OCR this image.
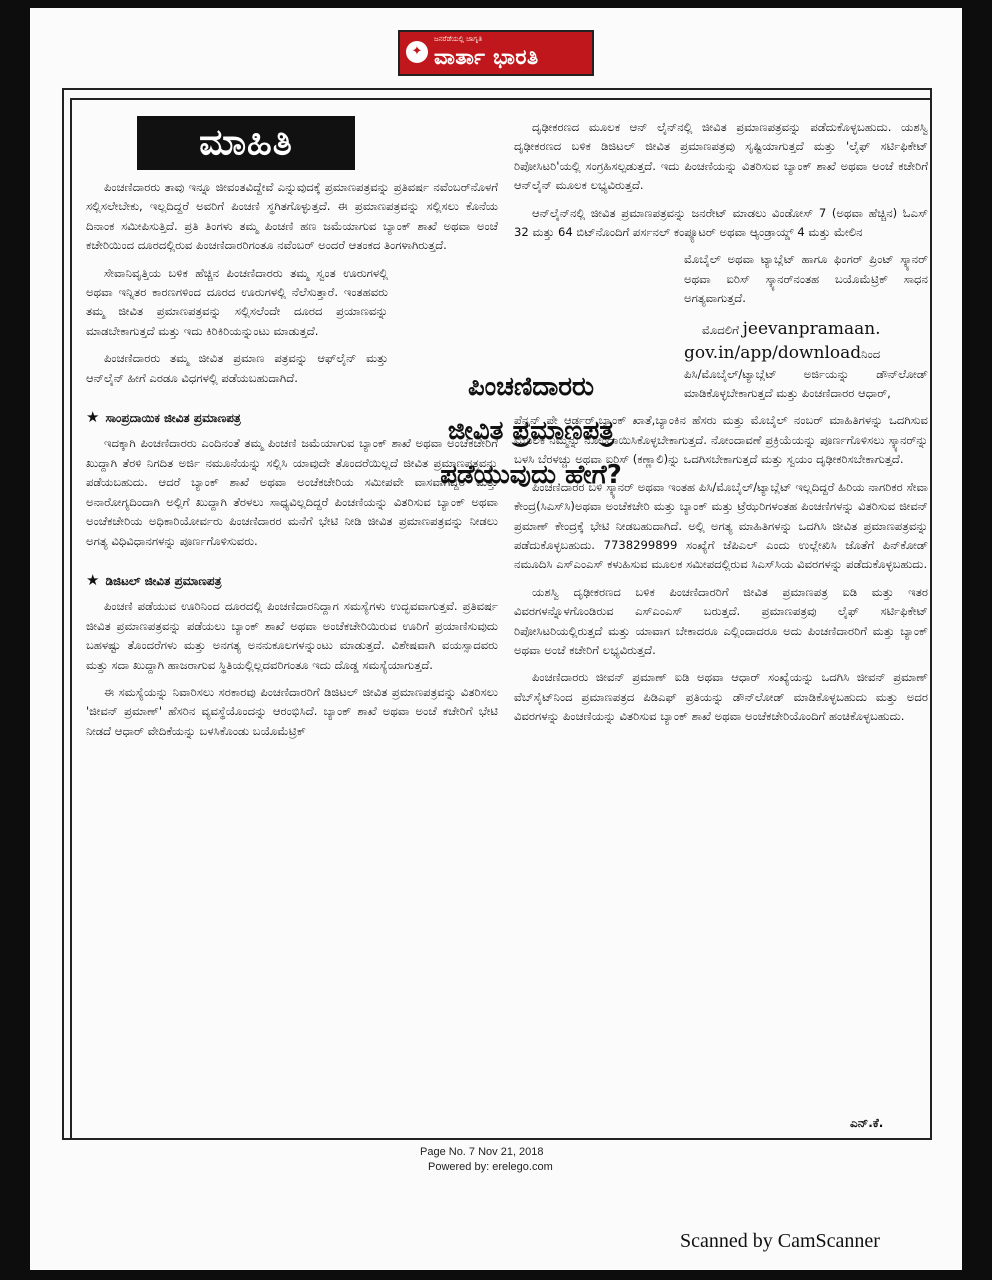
✦
ಜನರೆಡೆಯಲ್ಲಿ ಜಾಗೃತಿ
ವಾರ್ತಾ ಭಾರತಿ
ಮಾಹಿತಿ

ಪಿಂಚಣಿದಾರರು ತಾವು ಇನ್ನೂ ಜೀವಂತವಿದ್ದೇವೆ ಎನ್ನುವುದಕ್ಕೆ ಪ್ರಮಾಣಪತ್ರವನ್ನು ಪ್ರತಿವರ್ಷ ನವೆಂಬರ್‌ನೊಳಗೆ ಸಲ್ಲಿಸಲೇಬೇಕು, ಇಲ್ಲದಿದ್ದರೆ ಅವರಿಗೆ ಪಿಂಚಣಿ ಸ್ಥಗಿತಗೊಳ್ಳುತ್ತದೆ. ಈ ಪ್ರಮಾಣಪತ್ರವನ್ನು ಸಲ್ಲಿಸಲು ಕೊನೆಯ ದಿನಾಂಕ ಸಮೀಪಿಸುತ್ತಿದೆ. ಪ್ರತಿ ತಿಂಗಳು ತಮ್ಮ ಪಿಂಚಣಿ ಹಣ ಜಮೆಯಾಗುವ ಬ್ಯಾಂಕ್ ಶಾಖೆ ಅಥವಾ ಅಂಚೆ ಕಚೇರಿಯಿಂದ ದೂರದಲ್ಲಿರುವ ಪಿಂಚಣಿದಾರರಿಗಂತೂ ನವೆಂಬರ್ ಅಂದರೆ ಆತಂಕದ ತಿಂಗಳಾಗಿರುತ್ತದೆ.

ಸೇವಾನಿವೃತ್ತಿಯ ಬಳಿಕ ಹೆಚ್ಚಿನ ಪಿಂಚಣಿದಾರರು ತಮ್ಮ ಸ್ವಂತ ಊರುಗಳಲ್ಲಿ ಅಥವಾ ಇನ್ನಿತರ ಕಾರಣಗಳಿಂದ ದೂರದ ಊರುಗಳಲ್ಲಿ ನೆಲೆಸುತ್ತಾರೆ. ಇಂತಹವರು ತಮ್ಮ ಜೀವಿತ ಪ್ರಮಾಣಪತ್ರವನ್ನು ಸಲ್ಲಿಸಲೆಂದೇ ದೂರದ ಪ್ರಯಾಣವನ್ನು ಮಾಡಬೇಕಾಗುತ್ತದೆ ಮತ್ತು ಇದು ಕಿರಿಕಿರಿಯನ್ನುಂಟು ಮಾಡುತ್ತದೆ.

ಪಿಂಚಣಿದಾರರು ತಮ್ಮ ಜೀವಿತ ಪ್ರಮಾಣ ಪತ್ರವನ್ನು ಆಫ್‌ಲೈನ್ ಮತ್ತು ಆನ್‌ಲೈನ್ ಹೀಗೆ ಎರಡೂ ವಿಧಗಳಲ್ಲಿ ಪಡೆಯಬಹುದಾಗಿದೆ.

★ ಸಾಂಪ್ರದಾಯಿಕ ಜೀವಿತ ಪ್ರಮಾಣಪತ್ರ

ಇದಕ್ಕಾಗಿ ಪಿಂಚಣಿದಾರರು ಎಂದಿನಂತೆ ತಮ್ಮ ಪಿಂಚಣಿ ಜಮೆಯಾಗುವ ಬ್ಯಾಂಕ್ ಶಾಖೆ ಅಥವಾ ಅಂಚೆಕಚೇರಿಗೆ ಖುದ್ದಾಗಿ ತೆರಳಿ ನಿಗದಿತ ಅರ್ಜಿ ನಮೂನೆಯನ್ನು ಸಲ್ಲಿಸಿ ಯಾವುದೇ ತೊಂದರೆಯಿಲ್ಲದೆ ಜೀವಿತ ಪ್ರಮಾಣಪತ್ರವನ್ನು ಪಡೆಯಬಹುದು. ಆದರೆ ಬ್ಯಾಂಕ್ ಶಾಖೆ ಅಥವಾ ಅಂಚೆಕಚೇರಿಯ ಸಮೀಪವೇ ವಾಸವಾಗಿದ್ದರೆ ಮತ್ತು ಅನಾರೋಗ್ಯದಿಂದಾಗಿ ಅಲ್ಲಿಗೆ ಖುದ್ದಾಗಿ ತೆರಳಲು ಸಾಧ್ಯವಿಲ್ಲದಿದ್ದರೆ ಪಿಂಚಣಿಯನ್ನು ವಿತರಿಸುವ ಬ್ಯಾಂಕ್ ಅಥವಾ ಅಂಚೆಕಚೇರಿಯ ಅಧಿಕಾರಿಯೋರ್ವರು ಪಿಂಚಣಿದಾರರ ಮನೆಗೆ ಭೇಟಿ ನೀಡಿ ಜೀವಿತ ಪ್ರಮಾಣಪತ್ರವನ್ನು ನೀಡಲು ಅಗತ್ಯ ವಿಧಿವಿಧಾನಗಳನ್ನು ಪೂರ್ಣಗೊಳಿಸುವರು.

★ ಡಿಜಿಟಲ್ ಜೀವಿತ ಪ್ರಮಾಣಪತ್ರ

ಪಿಂಚಣಿ ಪಡೆಯುವ ಊರಿನಿಂದ ದೂರದಲ್ಲಿ ಪಿಂಚಣಿದಾರನಿದ್ದಾಗ ಸಮಸ್ಯೆಗಳು ಉದ್ಭವವಾಗುತ್ತವೆ. ಪ್ರತಿವರ್ಷ ಜೀವಿತ ಪ್ರಮಾಣಪತ್ರವನ್ನು ಪಡೆಯಲು ಬ್ಯಾಂಕ್ ಶಾಖೆ ಅಥವಾ ಅಂಚೆಕಚೇರಿಯಿರುವ ಊರಿಗೆ ಪ್ರಯಾಣಿಸುವುದು ಬಹಳಷ್ಟು ತೊಂದರೆಗಳು ಮತ್ತು ಅನಗತ್ಯ ಅನನುಕೂಲಗಳನ್ನುಂಟು ಮಾಡುತ್ತದೆ. ವಿಶೇಷವಾಗಿ ವಯಸ್ಸಾದವರು ಮತ್ತು ಸದಾ ಖುದ್ದಾಗಿ ಹಾಜರಾಗುವ ಸ್ಥಿತಿಯಲ್ಲಿಲ್ಲದವರಿಗಂತೂ ಇದು ದೊಡ್ಡ ಸಮಸ್ಯೆಯಾಗುತ್ತದೆ.

ಈ ಸಮಸ್ಯೆಯನ್ನು ನಿವಾರಿಸಲು ಸರಕಾರವು ಪಿಂಚಣಿದಾರರಿಗೆ ಡಿಜಿಟಲ್ ಜೀವಿತ ಪ್ರಮಾಣಪತ್ರವನ್ನು ವಿತರಿಸಲು 'ಜೀವನ್ ಪ್ರಮಾಣ್' ಹೆಸರಿನ ವ್ಯವಸ್ಥೆಯೊಂದನ್ನು ಆರಂಭಿಸಿದೆ. ಬ್ಯಾಂಕ್ ಶಾಖೆ ಅಥವಾ ಅಂಚೆ ಕಚೇರಿಗೆ ಭೇಟಿ ನೀಡದೆ ಆಧಾರ್ ವೇದಿಕೆಯನ್ನು ಬಳಸಿಕೊಂಡು ಬಯೊಮೆಟ್ರಿಕ್

ಪಿಂಚಣಿದಾರರು
ಜೀವಿತ ಪ್ರಮಾಣಪತ್ರ
ಪಡೆಯುವುದು ಹೇಗೆ?

ದೃಢೀಕರಣದ ಮೂಲಕ ಆನ್ ಲೈನ್‌ನಲ್ಲಿ ಜೀವಿತ ಪ್ರಮಾಣಪತ್ರವನ್ನು ಪಡೆದುಕೊಳ್ಳಬಹುದು. ಯಶಸ್ವಿ ದೃಢೀಕರಣದ ಬಳಿಕ ಡಿಜಿಟಲ್ ಜೀವಿತ ಪ್ರಮಾಣಪತ್ರವು ಸೃಷ್ಟಿಯಾಗುತ್ತದೆ ಮತ್ತು 'ಲೈಫ್ ಸರ್ಟಿಫಿಕೇಟ್ ರಿಪೋಸಿಟರಿ'ಯಲ್ಲಿ ಸಂಗ್ರಹಿಸಲ್ಪಡುತ್ತದೆ. ಇದು ಪಿಂಚಣಿಯನ್ನು ವಿತರಿಸುವ ಬ್ಯಾಂಕ್ ಶಾಖೆ ಅಥವಾ ಅಂಚೆ ಕಚೇರಿಗೆ ಆನ್‌ಲೈನ್ ಮೂಲಕ ಲಭ್ಯವಿರುತ್ತದೆ.

ಆನ್‌ಲೈನ್‌ನಲ್ಲಿ ಜೀವಿತ ಪ್ರಮಾಣಪತ್ರವನ್ನು ಜನರೇಟ್ ಮಾಡಲು ವಿಂಡೋಸ್ 7 (ಅಥವಾ ಹೆಚ್ಚಿನ) ಓಎಸ್ 32 ಮತ್ತು 64 ಬಿಟ್‌ನೊಂದಿಗೆ ಪರ್ಸನಲ್ ಕಂಪ್ಯೂಟರ್ ಅಥವಾ ಆ್ಯಂಡ್ರಾಯ್ಡ್ 4 ಮತ್ತು ಮೇಲಿನ

ಮೊಬೈಲ್ ಅಥವಾ ಟ್ಯಾಬ್ಲೆಟ್ ಹಾಗೂ ಫಿಂಗರ್ ಪ್ರಿಂಟ್ ಸ್ಕ್ಯಾನರ್ ಅಥವಾ ಐರಿಸ್ ಸ್ಕ್ಯಾನರ್‌ನಂತಹ ಬಯೊಮೆಟ್ರಿಕ್ ಸಾಧನ ಅಗತ್ಯವಾಗುತ್ತದೆ.

ಮೊದಲಿಗೆ jeevanpramaan.

gov.in/app/downloadನಿಂದ

ಪಿಸಿ/ಮೊಬೈಲ್/ಟ್ಯಾಬ್ಲೆಟ್ ಅರ್ಜಿಯನ್ನು ಡೌನ್‌ಲೋಡ್ ಮಾಡಿಕೊಳ್ಳಬೇಕಾಗುತ್ತದೆ ಮತ್ತು ಪಿಂಚಣಿದಾರರ ಆಧಾರ್,

ಪೆನ್ಷನ್ ಪೇ ಆರ್ಡರ್,ಬ್ಯಾಂಕ್ ಖಾತೆ,ಬ್ಯಾಂಕಿನ ಹೆಸರು ಮತ್ತು ಮೊಬೈಲ್ ನಂಬರ್ ಮಾಹಿತಿಗಳನ್ನು ಒದಗಿಸುವ ಮೂಲಕ ನಿಮ್ಮನ್ನು ನೋಂದಾಯಿಸಿಕೊಳ್ಳಬೇಕಾಗುತ್ತದೆ. ನೋಂದಾವಣೆ ಪ್ರಕ್ರಿಯೆಯನ್ನು ಪೂರ್ಣಗೊಳಿಸಲು ಸ್ಕ್ಯಾನರ್‌ನ್ನು ಬಳಸಿ ಬೆರಳಚ್ಚು ಅಥವಾ ಐರಿಸ್ (ಕಣ್ಣಾಲಿ)ನ್ನು ಒದಗಿಸಬೇಕಾಗುತ್ತದೆ ಮತ್ತು ಸ್ವಯಂ ದೃಢೀಕರಿಸಬೇಕಾಗುತ್ತದೆ.

ಪಿಂಚಣಿದಾರರ ಬಳಿ ಸ್ಕ್ಯಾನರ್ ಅಥವಾ ಇಂತಹ ಪಿಸಿ/ಮೊಬೈಲ್/ಟ್ಯಾಬ್ಲೆಟ್ ಇಲ್ಲದಿದ್ದರೆ ಹಿರಿಯ ನಾಗರಿಕರ ಸೇವಾ ಕೇಂದ್ರ(ಸಿಎಸ್‌ಸಿ)ಅಥವಾ ಅಂಚೆಕಚೇರಿ ಮತ್ತು ಬ್ಯಾಂಕ್ ಮತ್ತು ಟ್ರೆಝರಿಗಳಂತಹ ಪಿಂಚಣಿಗಳನ್ನು ವಿತರಿಸುವ ಜೀವನ್ ಪ್ರಮಾಣ್ ಕೇಂದ್ರಕ್ಕೆ ಭೇಟಿ ನೀಡಬಹುದಾಗಿದೆ. ಅಲ್ಲಿ ಅಗತ್ಯ ಮಾಹಿತಿಗಳನ್ನು ಒದಗಿಸಿ ಜೀವಿತ ಪ್ರಮಾಣಪತ್ರವನ್ನು ಪಡೆದುಕೊಳ್ಳಬಹುದು. 7738299899 ಸಂಖ್ಯೆಗೆ ಜೆಪಿಎಲ್ ಎಂದು ಉಲ್ಲೇಖಿಸಿ ಜೊತೆಗೆ ಪಿನ್‌ಕೋಡ್ ನಮೂದಿಸಿ ಎಸ್‌ಎಂಎಸ್ ಕಳುಹಿಸುವ ಮೂಲಕ ಸಮೀಪದಲ್ಲಿರುವ ಸಿಎಸ್‌ಸಿಯ ವಿವರಗಳನ್ನು ಪಡೆದುಕೊಳ್ಳಬಹುದು.

ಯಶಸ್ವಿ ದೃಢೀಕರಣದ ಬಳಿಕ ಪಿಂಚಣಿದಾರರಿಗೆ ಜೀವಿತ ಪ್ರಮಾಣಪತ್ರ ಐಡಿ ಮತ್ತು ಇತರ ವಿವರಗಳನ್ನೊಳಗೊಂಡಿರುವ ಎಸ್‌ಎಂಎಸ್ ಬರುತ್ತದೆ. ಪ್ರಮಾಣಪತ್ರವು ಲೈಫ್ ಸರ್ಟಿಫಿಕೇಟ್ ರಿಪೋಸಿಟರಿಯಲ್ಲಿರುತ್ತದೆ ಮತ್ತು ಯಾವಾಗ ಬೇಕಾದರೂ ಎಲ್ಲಿಂದಾದರೂ ಅದು ಪಿಂಚಣಿದಾರರಿಗೆ ಮತ್ತು ಬ್ಯಾಂಕ್ ಅಥವಾ ಅಂಚೆ ಕಚೇರಿಗೆ ಲಭ್ಯವಿರುತ್ತದೆ.

ಪಿಂಚಣಿದಾರರು ಜೀವನ್ ಪ್ರಮಾಣ್ ಐಡಿ ಅಥವಾ ಆಧಾರ್ ಸಂಖ್ಯೆಯನ್ನು ಒದಗಿಸಿ ಜೀವನ್ ಪ್ರಮಾಣ್ ವೆಬ್‌ಸೈಟ್‌ನಿಂದ ಪ್ರಮಾಣಪತ್ರದ ಪಿಡಿಎಫ್ ಪ್ರತಿಯನ್ನು ಡೌನ್‌ಲೋಡ್ ಮಾಡಿಕೊಳ್ಳಬಹುದು ಮತ್ತು ಅದರ ವಿವರಗಳನ್ನು ಪಿಂಚಣಿಯನ್ನು ವಿತರಿಸುವ ಬ್ಯಾಂಕ್ ಶಾಖೆ ಅಥವಾ ಅಂಚೆಕಚೇರಿಯೊಂದಿಗೆ ಹಂಚಿಕೊಳ್ಳಬಹುದು.

ಎನ್.ಕೆ.
Page No. 7 Nov 21, 2018
Powered by: erelego.com
Scanned by CamScanner
